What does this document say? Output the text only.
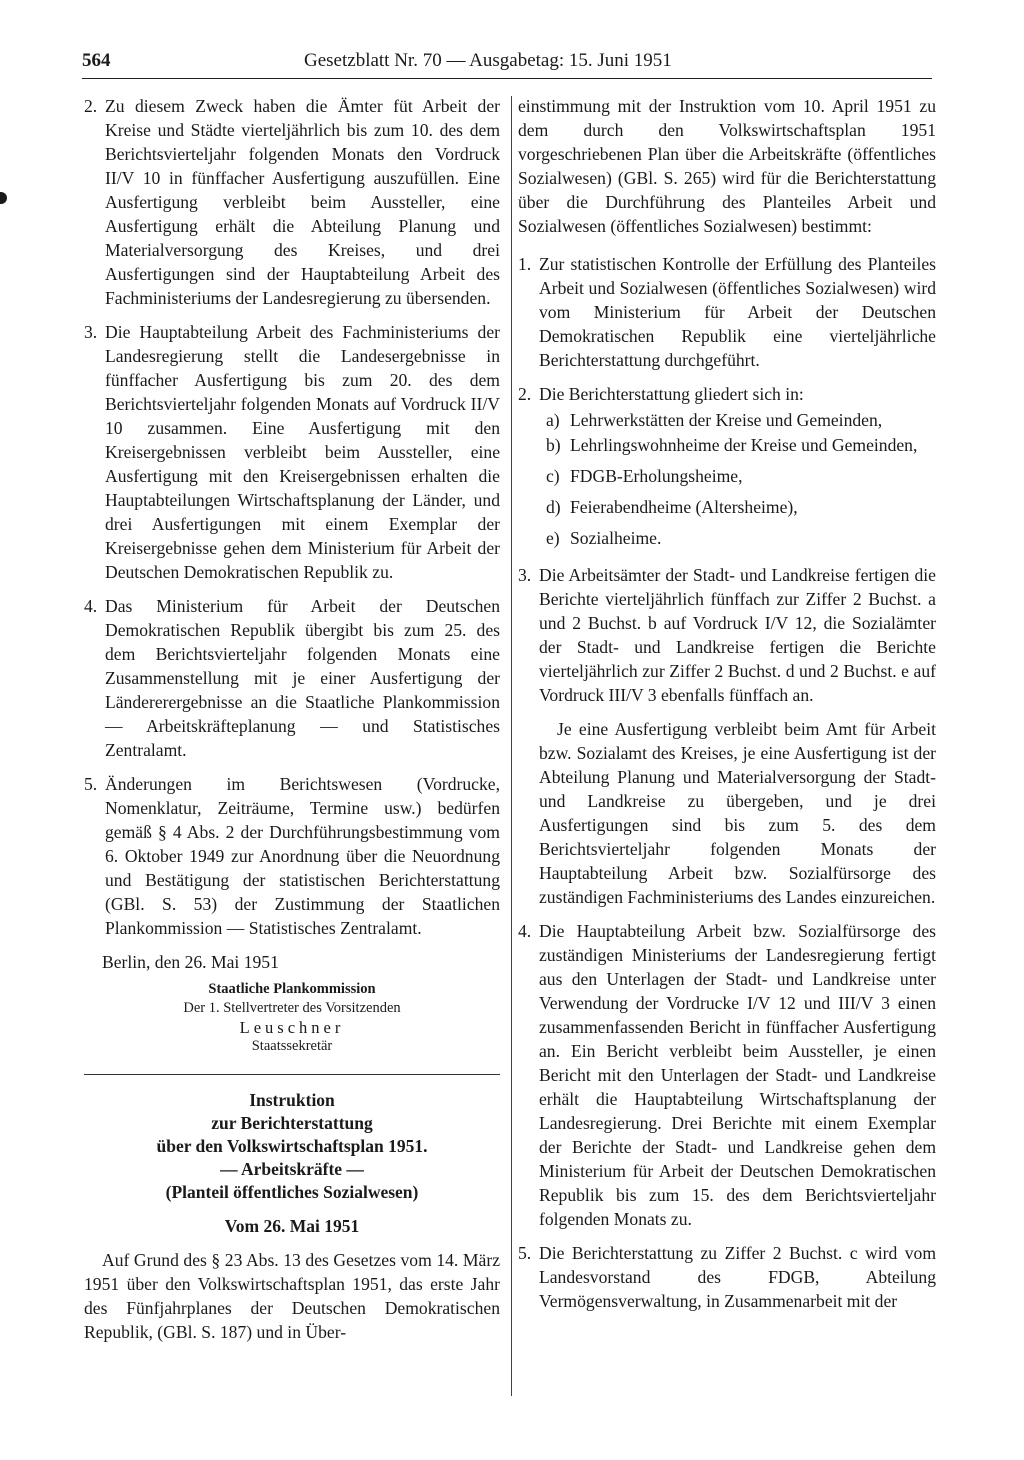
564	Gesetzblatt Nr. 70 — Ausgabetag: 15. Juni 1951

2. Zu diesem Zweck haben die Ämter füt Arbeit der Kreise und Städte vierteljährlich bis zum 10. des dem Berichtsvierteljahr folgenden Monats den Vordruck II/V 10 in fünffacher Ausfertigung auszufüllen. Eine Ausfertigung verbleibt beim Aussteller, eine Ausfertigung erhält die Abteilung Planung und Materialversorgung des Kreises, und drei Ausfertigungen sind der Hauptabteilung Arbeit des Fachministeriums der Landesregierung zu übersenden.

3. Die Hauptabteilung Arbeit des Fachministeriums der Landesregierung stellt die Landesergebnisse in fünffacher Ausfertigung bis zum 20. des dem Berichtsvierteljahr folgenden Monats auf Vordruck II/V 10 zusammen. Eine Ausfertigung mit den Kreisergebnissen verbleibt beim Aussteller, eine Ausfertigung mit den Kreisergebnissen erhalten die Hauptabteilungen Wirtschaftsplanung der Länder, und drei Ausfertigungen mit einem Exemplar der Kreisergebnisse gehen dem Ministerium für Arbeit der Deutschen Demokratischen Republik zu.

4. Das Ministerium für Arbeit der Deutschen Demokratischen Republik übergibt bis zum 25. des dem Berichtsvierteljahr folgenden Monats eine Zusammenstellung mit je einer Ausfertigung der Ländererergebnisse an die Staatliche Plankommission — Arbeitskräfteplanung — und Statistisches Zentralamt.

5. Änderungen im Berichtswesen (Vordrucke, Nomenklatur, Zeiträume, Termine usw.) bedürfen gemäß § 4 Abs. 2 der Durchführungsbestimmung vom 6. Oktober 1949 zur Anordnung über die Neuordnung und Bestätigung der statistischen Berichterstattung (GBl. S. 53) der Zustimmung der Staatlichen Plankommission — Statistisches Zentralamt.

Berlin, den 26. Mai 1951

Staatliche Plankommission
Der 1. Stellvertreter des Vorsitzenden
Leuschner
Staatssekretär
Instruktion
zur Berichterstattung
über den Volkswirtschaftsplan 1951.
— Arbeitskräfte —
(Planteil öffentliches Sozialwesen)
Vom 26. Mai 1951

Auf Grund des § 23 Abs. 13 des Gesetzes vom 14. März 1951 über den Volkswirtschaftsplan 1951, das erste Jahr des Fünfjahrplanes der Deutschen Demokratischen Republik, (GBl. S. 187) und in Über-

einstimmung mit der Instruktion vom 10. April 1951 zu dem durch den Volkswirtschaftsplan 1951 vorgeschriebenen Plan über die Arbeitskräfte (öffentliches Sozialwesen) (GBl. S. 265) wird für die Berichterstattung über die Durchführung des Planteiles Arbeit und Sozialwesen (öffentliches Sozialwesen) bestimmt:

1. Zur statistischen Kontrolle der Erfüllung des Planteiles Arbeit und Sozialwesen (öffentliches Sozialwesen) wird vom Ministerium für Arbeit der Deutschen Demokratischen Republik eine vierteljährliche Berichterstattung durchgeführt.

2. Die Berichterstattung gliedert sich in:

a) Lehrwerkstätten der Kreise und Gemeinden,

b) Lehrlingswohnheime der Kreise und Gemeinden,

c) FDGB-Erholungsheime,

d) Feierabendheime (Altersheime),

e) Sozialheime.

3. Die Arbeitsämter der Stadt- und Landkreise fertigen die Berichte vierteljährlich fünffach zur Ziffer 2 Buchst. a und 2 Buchst. b auf Vordruck I/V 12, die Sozialämter der Stadt- und Landkreise fertigen die Berichte vierteljährlich zur Ziffer 2 Buchst. d und 2 Buchst. e auf Vordruck III/V 3 ebenfalls fünffach an.

Je eine Ausfertigung verbleibt beim Amt für Arbeit bzw. Sozialamt des Kreises, je eine Ausfertigung ist der Abteilung Planung und Materialversorgung der Stadt- und Landkreise zu übergeben, und je drei Ausfertigungen sind bis zum 5. des dem Berichtsvierteljahr folgenden Monats der Hauptabteilung Arbeit bzw. Sozialfürsorge des zuständigen Fachministeriums des Landes einzureichen.

4. Die Hauptabteilung Arbeit bzw. Sozialfürsorge des zuständigen Ministeriums der Landesregierung fertigt aus den Unterlagen der Stadt- und Landkreise unter Verwendung der Vordrucke I/V 12 und III/V 3 einen zusammenfassenden Bericht in fünffacher Ausfertigung an. Ein Bericht verbleibt beim Aussteller, je einen Bericht mit den Unterlagen der Stadt- und Landkreise erhält die Hauptabteilung Wirtschaftsplanung der Landesregierung. Drei Berichte mit einem Exemplar der Berichte der Stadt- und Landkreise gehen dem Ministerium für Arbeit der Deutschen Demokratischen Republik bis zum 15. des dem Berichtsvierteljahr folgenden Monats zu.

5. Die Berichterstattung zu Ziffer 2 Buchst. c wird vom Landesvorstand des FDGB, Abteilung Vermögensverwaltung, in Zusammenarbeit mit der
